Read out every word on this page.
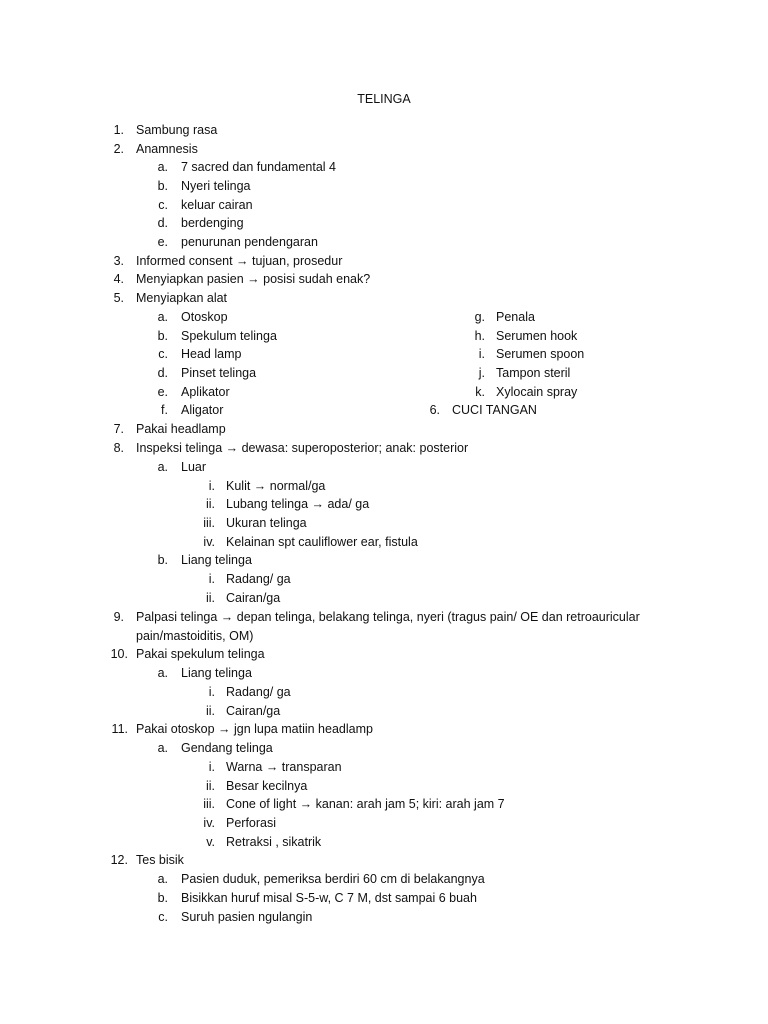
TELINGA
1. Sambung rasa
2. Anamnesis
a. 7 sacred dan fundamental 4
b. Nyeri telinga
c. keluar cairan
d. berdenging
e. penurunan pendengaran
3. Informed consent → tujuan, prosedur
4. Menyiapkan pasien → posisi sudah enak?
5. Menyiapkan alat
a. Otoskop
b. Spekulum telinga
c. Head lamp
d. Pinset telinga
e. Aplikator
f. Aligator
g. Penala
h. Serumen hook
i. Serumen spoon
j. Tampon steril
k. Xylocain spray
6. CUCI TANGAN
7. Pakai headlamp
8. Inspeksi telinga → dewasa: superoposterior; anak: posterior
a. Luar
i. Kulit → normal/ga
ii. Lubang telinga → ada/ ga
iii. Ukuran telinga
iv. Kelainan spt cauliflower ear, fistula
b. Liang telinga
i. Radang/ ga
ii. Cairan/ga
9. Palpasi telinga → depan telinga, belakang telinga, nyeri (tragus pain/ OE dan retroauricular
pain/mastoiditis, OM)
10. Pakai spekulum telinga
a. Liang telinga
i. Radang/ ga
ii. Cairan/ga
11. Pakai otoskop → jgn lupa matiin headlamp
a. Gendang telinga
i. Warna → transparan
ii. Besar kecilnya
iii. Cone of light → kanan: arah jam 5; kiri: arah jam 7
iv. Perforasi
v. Retraksi , sikatrik
12. Tes bisik
a. Pasien duduk, pemeriksa berdiri 60 cm di belakangnya
b. Bisikkan huruf misal S-5-w, C 7 M, dst sampai 6 buah
c. Suruh pasien ngulangin
